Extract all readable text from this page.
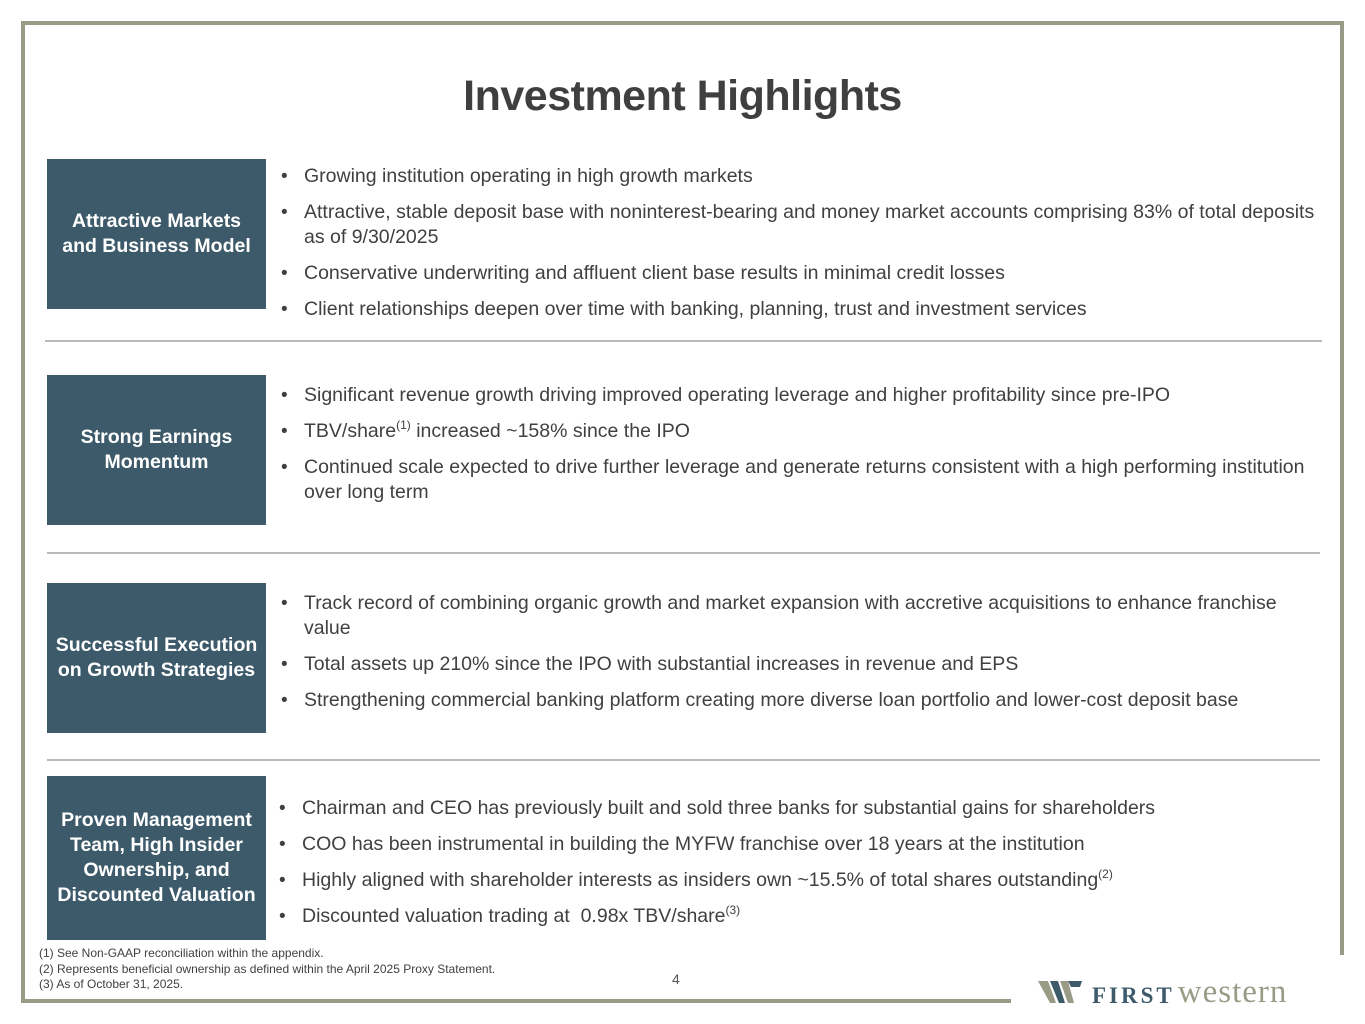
Investment Highlights
Attractive Markets and Business Model
• Growing institution operating in high growth markets
• Attractive, stable deposit base with noninterest-bearing and money market accounts comprising 83% of total deposits as of 9/30/2025
• Conservative underwriting and affluent client base results in minimal credit losses
• Client relationships deepen over time with banking, planning, trust and investment services
Strong Earnings Momentum
• Significant revenue growth driving improved operating leverage and higher profitability since pre-IPO
• TBV/share$^{(1)}$ increased ~158% since the IPO
• Continued scale expected to drive further leverage and generate returns consistent with a high performing institution over long term
Successful Execution on Growth Strategies
• Track record of combining organic growth and market expansion with accretive acquisitions to enhance franchise value
• Total assets up 210% since the IPO with substantial increases in revenue and EPS
• Strengthening commercial banking platform creating more diverse loan portfolio and lower-cost deposit base
Proven Management Team, High Insider Ownership, and Discounted Valuation
• Chairman and CEO has previously built and sold three banks for substantial gains for shareholders
• COO has been instrumental in building the MYFW franchise over 18 years at the institution
• Highly aligned with shareholder interests as insiders own ~15.5% of total shares outstanding$^{(2)}$
• Discounted valuation trading at  0.98x TBV/share$^{(3)}$
(1) See Non-GAAP reconciliation within the appendix.
(2) Represents beneficial ownership as defined within the April 2025 Proxy Statement.
(3) As of October 31, 2025.	4
FIRST western
